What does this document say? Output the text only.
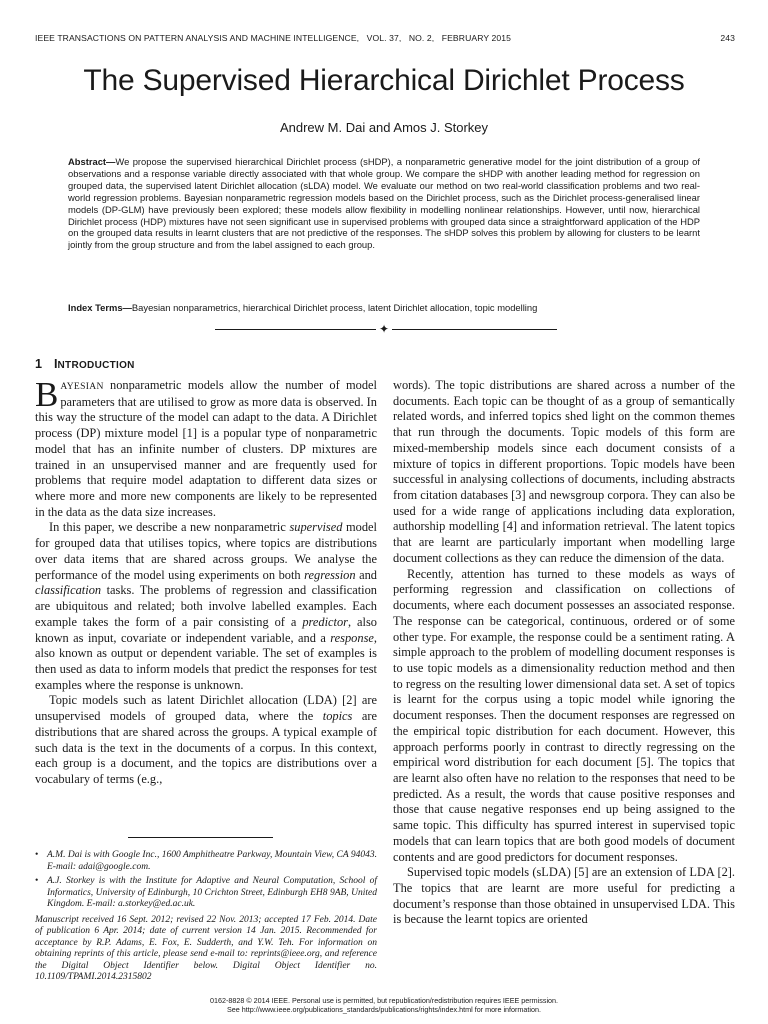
IEEE TRANSACTIONS ON PATTERN ANALYSIS AND MACHINE INTELLIGENCE, VOL. 37, NO. 2, FEBRUARY 2015	243
The Supervised Hierarchical Dirichlet Process
Andrew M. Dai and Amos J. Storkey

Abstract—We propose the supervised hierarchical Dirichlet process (sHDP), a nonparametric generative model for the joint distribution of a group of observations and a response variable directly associated with that whole group. We compare the sHDP with another leading method for regression on grouped data, the supervised latent Dirichlet allocation (sLDA) model. We evaluate our method on two real-world classification problems and two real-world regression problems. Bayesian nonparametric regression models based on the Dirichlet process, such as the Dirichlet process-generalised linear models (DP-GLM) have previously been explored; these models allow flexibility in modelling nonlinear relationships. However, until now, hierarchical Dirichlet process (HDP) mixtures have not seen significant use in supervised problems with grouped data since a straightforward application of the HDP on the grouped data results in learnt clusters that are not predictive of the responses. The sHDP solves this problem by allowing for clusters to be learnt jointly from the group structure and from the label assigned to each group.

Index Terms—Bayesian nonparametrics, hierarchical Dirichlet process, latent Dirichlet allocation, topic modelling

✦
1 INTRODUCTION

BAYESIAN nonparametric models allow the number of model parameters that are utilised to grow as more data is observed. In this way the structure of the model can adapt to the data. A Dirichlet process (DP) mixture model [1] is a popular type of nonparametric model that has an infinite number of clusters. DP mixtures are trained in an unsupervised manner and are frequently used for problems that require model adaptation to different data sizes or where more and more new components are likely to be represented in the data as the data size increases.

In this paper, we describe a new nonparametric supervised model for grouped data that utilises topics, where topics are distributions over data items that are shared across groups. We analyse the performance of the model using experiments on both regression and classification tasks. The problems of regression and classification are ubiquitous and related; both involve labelled examples. Each example takes the form of a pair consisting of a predictor, also known as input, covariate or independent variable, and a response, also known as output or dependent variable. The set of examples is then used as data to inform models that predict the responses for test examples where the response is unknown.

Topic models such as latent Dirichlet allocation (LDA) [2] are unsupervised models of grouped data, where the topics are distributions that are shared across the groups. A typical example of such data is the text in the documents of a corpus. In this context, each group is a document, and the topics are distributions over a vocabulary of terms (e.g.,

words). The topic distributions are shared across a number of the documents. Each topic can be thought of as a group of semantically related words, and inferred topics shed light on the common themes that run through the documents. Topic models of this form are mixed-membership models since each document consists of a mixture of topics in different proportions. Topic models have been successful in analysing collections of documents, including abstracts from citation databases [3] and newsgroup corpora. They can also be used for a wide range of applications including data exploration, authorship modelling [4] and information retrieval. The latent topics that are learnt are particularly important when modelling large document collections as they can reduce the dimension of the data.

Recently, attention has turned to these models as ways of performing regression and classification on collections of documents, where each document possesses an associated response. The response can be categorical, continuous, ordered or of some other type. For example, the response could be a sentiment rating. A simple approach to the problem of modelling document responses is to use topic models as a dimensionality reduction method and then to regress on the resulting lower dimensional data set. A set of topics is learnt for the corpus using a topic model while ignoring the document responses. Then the document responses are regressed on the empirical topic distribution for each document. However, this approach performs poorly in contrast to directly regressing on the empirical word distribution for each document [5]. The topics that are learnt also often have no relation to the responses that need to be predicted. As a result, the words that cause positive responses and those that cause negative responses end up being assigned to the same topic. This difficulty has spurred interest in supervised topic models that can learn topics that are both good models of document contents and are good predictors for document responses.

Supervised topic models (sLDA) [5] are an extension of LDA [2]. The topics that are learnt are more useful for predicting a document’s response than those obtained in unsupervised LDA. This is because the learnt topics are oriented

• A.M. Dai is with Google Inc., 1600 Amphitheatre Parkway, Mountain View, CA 94043. E-mail: adai@google.com.

• A.J. Storkey is with the Institute for Adaptive and Neural Computation, School of Informatics, University of Edinburgh, 10 Crichton Street, Edinburgh EH8 9AB, United Kingdom. E-mail: a.storkey@ed.ac.uk.

Manuscript received 16 Sept. 2012; revised 22 Nov. 2013; accepted 17 Feb. 2014. Date of publication 6 Apr. 2014; date of current version 14 Jan. 2015. Recommended for acceptance by R.P. Adams, E. Fox, E. Sudderth, and Y.W. Teh. For information on obtaining reprints of this article, please send e-mail to: reprints@ieee.org, and reference the Digital Object Identifier below. Digital Object Identifier no. 10.1109/TPAMI.2014.2315802

0162-8828 © 2014 IEEE. Personal use is permitted, but republication/redistribution requires IEEE permission.
See http://www.ieee.org/publications_standards/publications/rights/index.html for more information.
